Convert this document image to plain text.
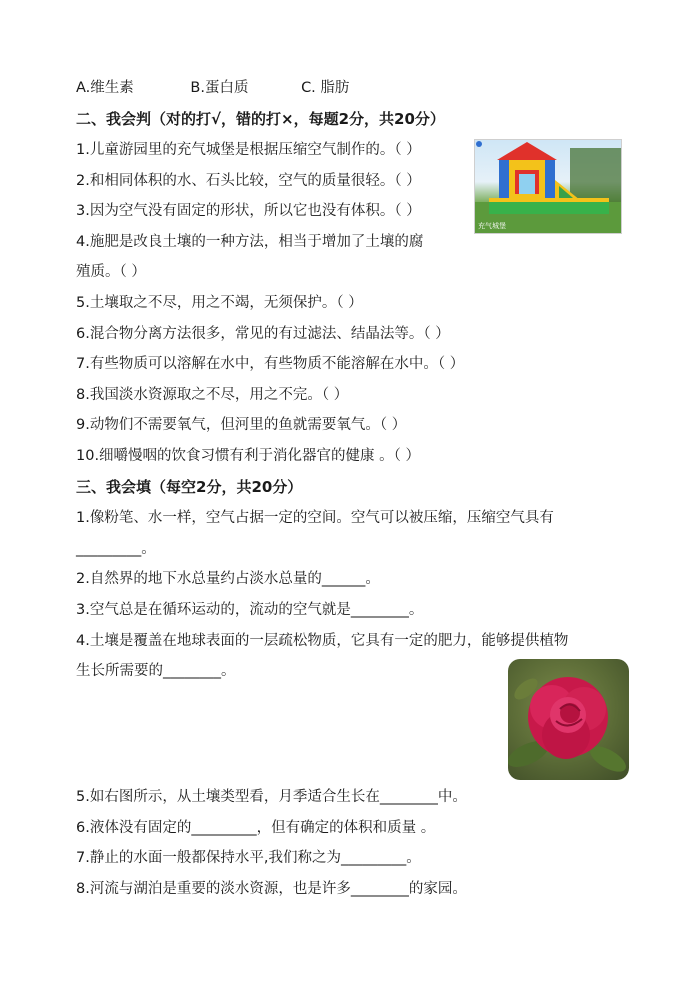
A.维生素	B.蛋白质	C. 脂肪
二、我会判（对的打√，错的打×，每题2分，共20分）
1.儿童游园里的充气城堡是根据压缩空气制作的。（ ）
2.和相同体积的水、石头比较，空气的质量很轻。（ ）
3.因为空气没有固定的形状，所以它也没有体积。（ ）
4.施肥是改良土壤的一种方法，相当于增加了土壤的腐
殖质。（ ）
5.土壤取之不尽，用之不竭，无须保护。（ ）
6.混合物分离方法很多，常见的有过滤法、结晶法等。（ ）
7.有些物质可以溶解在水中，有些物质不能溶解在水中。（ ）
8.我国淡水资源取之不尽，用之不完。（ ）
9.动物们不需要氧气，但河里的鱼就需要氧气。（ ）
10.细嚼慢咽的饮食习惯有利于消化器官的健康 。（ ）
充气城堡
三、我会填（每空2分，共20分）
1.像粉笔、水一样，空气占据一定的空间。空气可以被压缩，压缩空气具有
_________。
2.自然界的地下水总量约占淡水总量的______。
3.空气总是在循环运动的，流动的空气就是________。
4.土壤是覆盖在地球表面的一层疏松物质，它具有一定的肥力，能够提供植物
生长所需要的________。
5.如右图所示，从土壤类型看，月季适合生长在________中。
6.液体没有固定的_________，但有确定的体积和质量 。
7.静止的水面一般都保持水平,我们称之为_________。
8.河流与湖泊是重要的淡水资源，也是许多________的家园。
